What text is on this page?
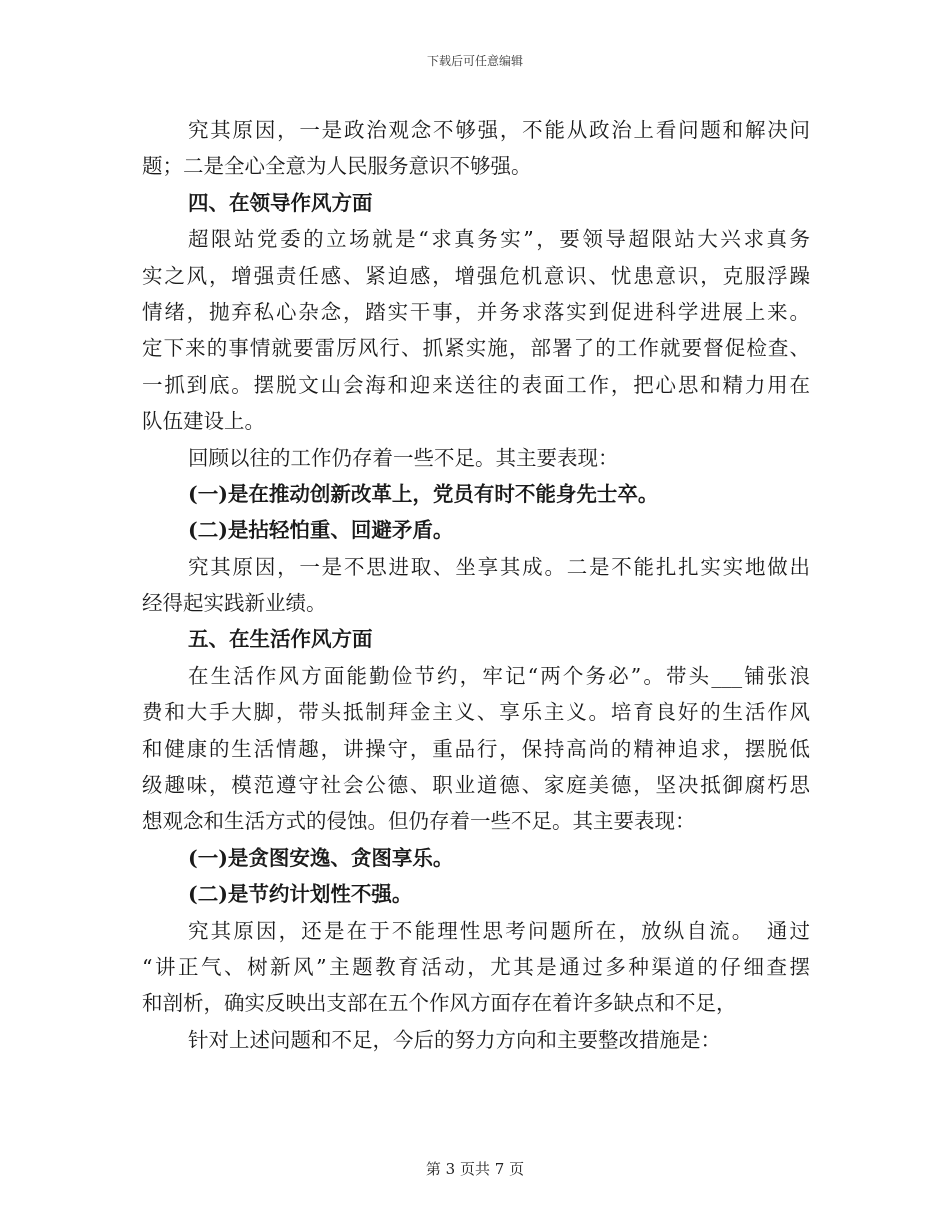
下载后可任意编辑
究其原因，一是政治观念不够强，不能从政治上看问题和解决问
题；二是全心全意为人民服务意识不够强。
四、在领导作风方面
超限站党委的立场就是“求真务实”，要领导超限站大兴求真务
实之风，增强责任感、紧迫感，增强危机意识、忧患意识，克服浮躁
情绪，抛弃私心杂念，踏实干事，并务求落实到促进科学进展上来。
定下来的事情就要雷厉风行、抓紧实施，部署了的工作就要督促检查、
一抓到底。摆脱文山会海和迎来送往的表面工作，把心思和精力用在
队伍建设上。
回顾以往的工作仍存着一些不足。其主要表现：
(一)是在推动创新改革上，党员有时不能身先士卒。
(二)是拈轻怕重、回避矛盾。
究其原因，一是不思进取、坐享其成。二是不能扎扎实实地做出
经得起实践新业绩。
五、在生活作风方面
在生活作风方面能勤俭节约，牢记“两个务必”。带头___铺张浪
费和大手大脚，带头抵制拜金主义、享乐主义。培育良好的生活作风
和健康的生活情趣，讲操守，重品行，保持高尚的精神追求，摆脱低
级趣味，模范遵守社会公德、职业道德、家庭美德，坚决抵御腐朽思
想观念和生活方式的侵蚀。但仍存着一些不足。其主要表现：
(一)是贪图安逸、贪图享乐。
(二)是节约计划性不强。
究其原因，还是在于不能理性思考问题所在，放纵自流。　通过
“讲正气、树新风”主题教育活动，尤其是通过多种渠道的仔细查摆
和剖析，确实反映出支部在五个作风方面存在着许多缺点和不足，
针对上述问题和不足，今后的努力方向和主要整改措施是：
第 3 页共 7 页
